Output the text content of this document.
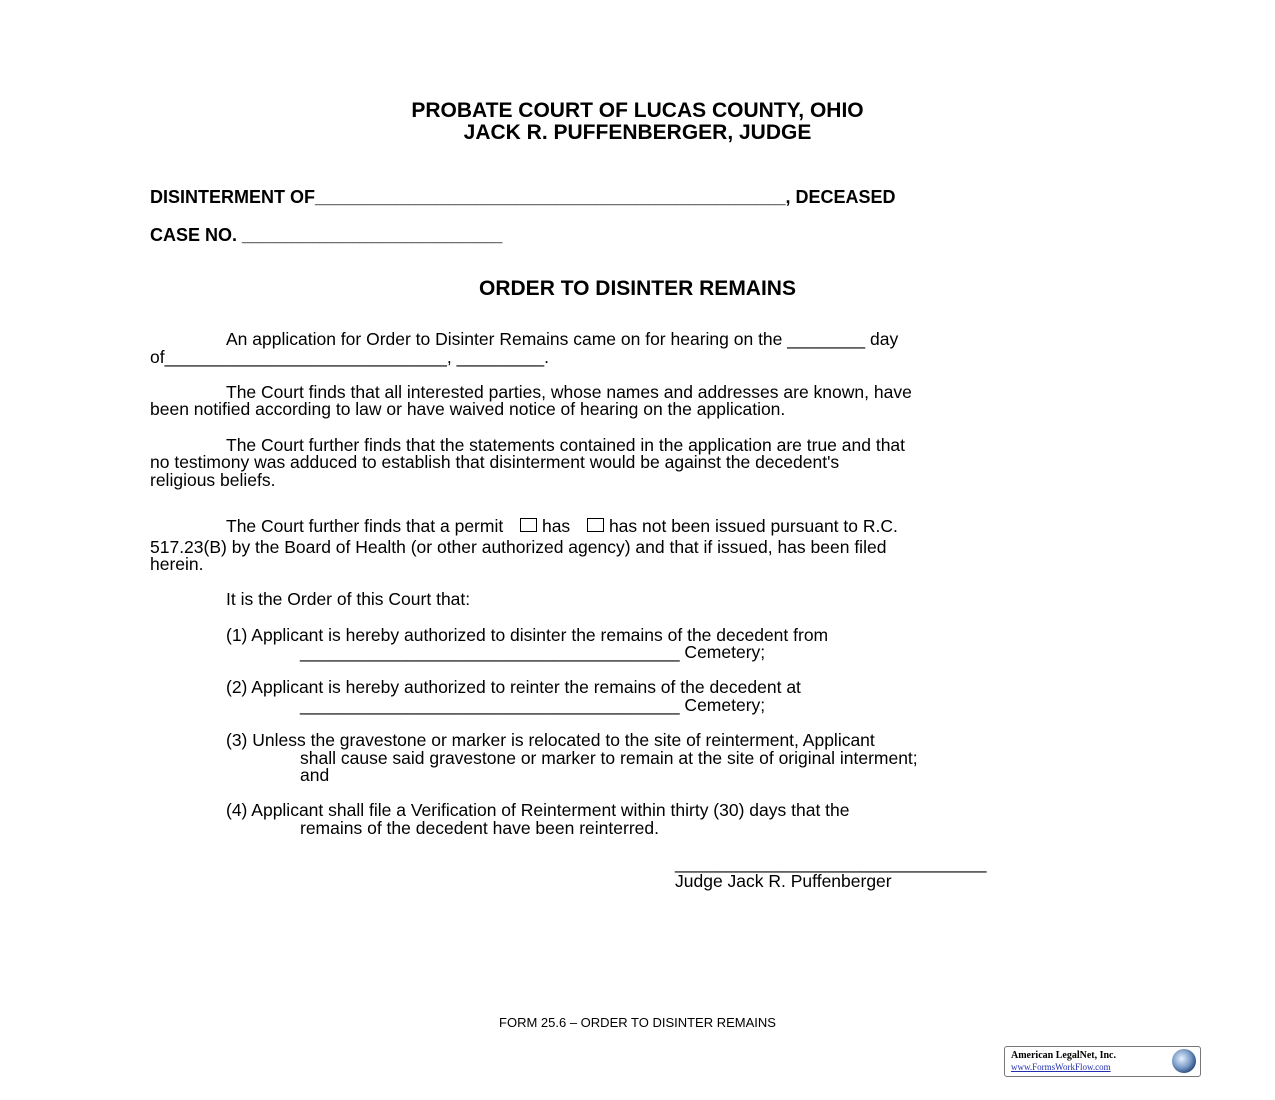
PROBATE COURT OF LUCAS COUNTY, OHIO
JACK R. PUFFENBERGER, JUDGE
DISINTERMENT OF_______________________________________________, DECEASED
CASE NO. __________________________
ORDER TO DISINTER REMAINS
An application for Order to Disinter Remains came on for hearing on the ________ day
of_____________________________, _________.
The Court finds that all interested parties, whose names and addresses are known, have
been notified according to law or have waived notice of hearing on the application.
The Court further finds that the statements contained in the application are true and that
no testimony was adduced to establish that disinterment would be against the decedent's
religious beliefs.
The Court further finds that a permit has has not been issued pursuant to R.C.
517.23(B) by the Board of Health (or other authorized agency) and that if issued, has been filed
herein.
It is the Order of this Court that:
(1) Applicant is hereby authorized to disinter the remains of the decedent from
_______________________________________ Cemetery;
(2) Applicant is hereby authorized to reinter the remains of the decedent at
_______________________________________ Cemetery;
(3) Unless the gravestone or marker is relocated to the site of reinterment, Applicant
shall cause said gravestone or marker to remain at the site of original interment;
and
(4) Applicant shall file a Verification of Reinterment within thirty (30) days that the
remains of the decedent have been reinterred.
________________________________
Judge Jack R. Puffenberger
FORM 25.6 – ORDER TO DISINTER REMAINS
American LegalNet, Inc.
www.FormsWorkFlow.com
